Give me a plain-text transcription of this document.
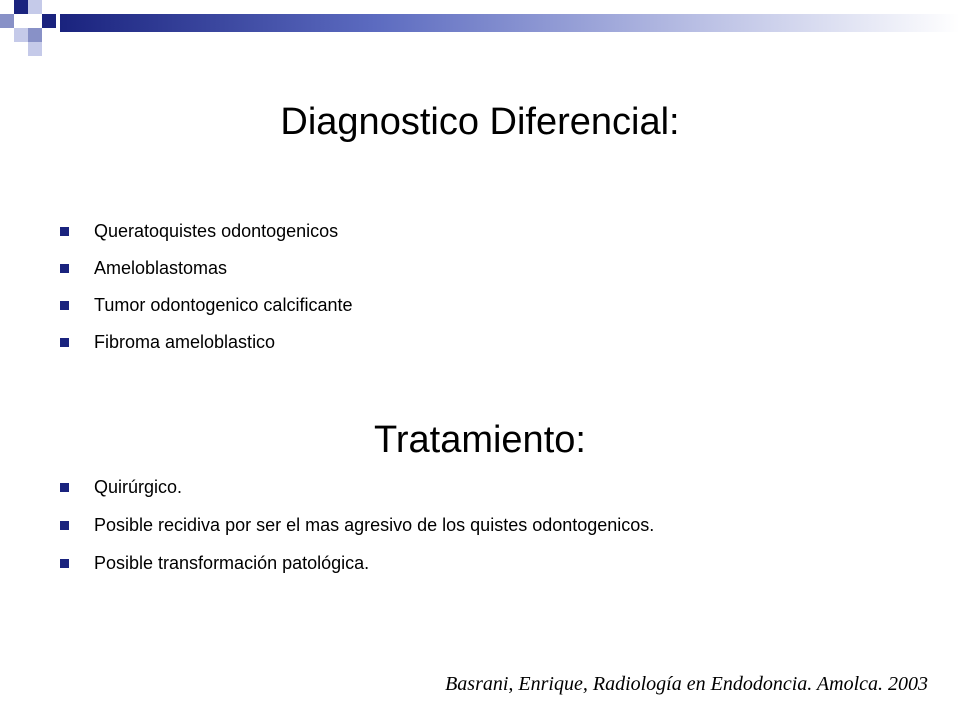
Diagnostico Diferencial:
Queratoquistes odontogenicos
Ameloblastomas
Tumor odontogenico calcificante
Fibroma ameloblastico
Tratamiento:
Quirúrgico.
Posible recidiva por ser el mas agresivo de los quistes odontogenicos.
Posible transformación patológica.
Basrani, Enrique, Radiología en Endodoncia. Amolca. 2003
